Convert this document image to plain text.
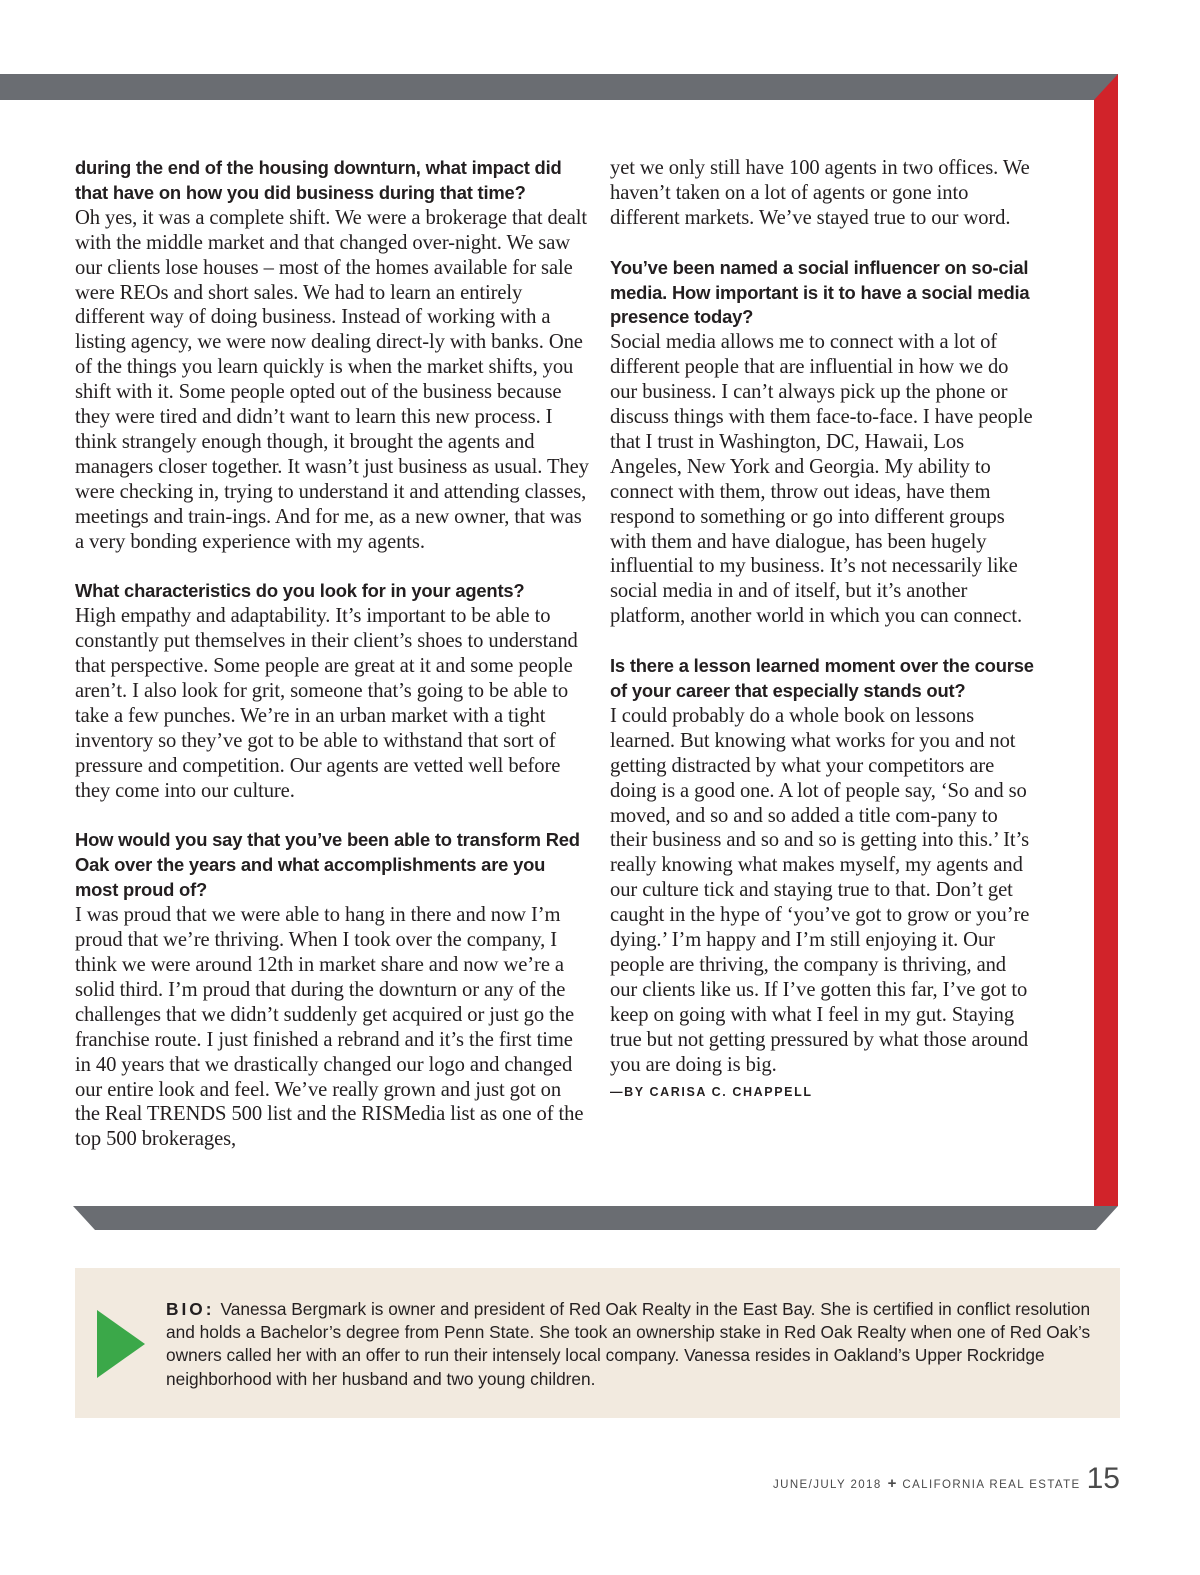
during the end of the housing downturn, what impact did that have on how you did business during that time?
Oh yes, it was a complete shift. We were a brokerage that dealt with the middle market and that changed over-night. We saw our clients lose houses – most of the homes available for sale were REOs and short sales. We had to learn an entirely different way of doing business. Instead of working with a listing agency, we were now dealing direct-ly with banks. One of the things you learn quickly is when the market shifts, you shift with it. Some people opted out of the business because they were tired and didn’t want to learn this new process. I think strangely enough though, it brought the agents and managers closer together. It wasn’t just business as usual. They were checking in, trying to understand it and attending classes, meetings and train-ings. And for me, as a new owner, that was a very bonding experience with my agents.
What characteristics do you look for in your agents?
High empathy and adaptability. It’s important to be able to constantly put themselves in their client’s shoes to understand that perspective. Some people are great at it and some people aren’t. I also look for grit, someone that’s going to be able to take a few punches. We’re in an urban market with a tight inventory so they’ve got to be able to withstand that sort of pressure and competition. Our agents are vetted well before they come into our culture.
How would you say that you’ve been able to transform Red Oak over the years and what accomplishments are you most proud of?
I was proud that we were able to hang in there and now I’m proud that we’re thriving. When I took over the company, I think we were around 12th in market share and now we’re a solid third. I’m proud that during the downturn or any of the challenges that we didn’t suddenly get acquired or just go the franchise route. I just finished a rebrand and it’s the first time in 40 years that we drastically changed our logo and changed our entire look and feel. We’ve really grown and just got on the Real TRENDS 500 list and the RISMedia list as one of the top 500 brokerages,
yet we only still have 100 agents in two offices. We haven’t taken on a lot of agents or gone into different markets. We’ve stayed true to our word.
You’ve been named a social influencer on so-cial media. How important is it to have a social media presence today?
Social media allows me to connect with a lot of different people that are influential in how we do our business. I can’t always pick up the phone or discuss things with them face-to-face. I have people that I trust in Washington, DC, Hawaii, Los Angeles, New York and Georgia. My ability to connect with them, throw out ideas, have them respond to something or go into different groups with them and have dialogue, has been hugely influential to my business. It’s not necessarily like social media in and of itself, but it’s another platform, another world in which you can connect.
Is there a lesson learned moment over the course of your career that especially stands out?
I could probably do a whole book on lessons learned. But knowing what works for you and not getting distracted by what your competitors are doing is a good one. A lot of people say, ‘So and so moved, and so and so added a title com-pany to their business and so and so is getting into this.’ It’s really knowing what makes myself, my agents and our culture tick and staying true to that. Don’t get caught in the hype of ‘you’ve got to grow or you’re dying.’ I’m happy and I’m still enjoying it. Our people are thriving, the company is thriving, and our clients like us. If I’ve gotten this far, I’ve got to keep on going with what I feel in my gut. Staying true but not getting pressured by what those around you are doing is big.
—BY CARISA C. CHAPPELL
BIO: Vanessa Bergmark is owner and president of Red Oak Realty in the East Bay. She is certified in conflict resolution and holds a Bachelor’s degree from Penn State. She took an ownership stake in Red Oak Realty when one of Red Oak’s owners called her with an offer to run their intensely local company. Vanessa resides in Oakland’s Upper Rockridge neighborhood with her husband and two young children.
JUNE/JULY 2018 + CALIFORNIA REAL ESTATE 15
